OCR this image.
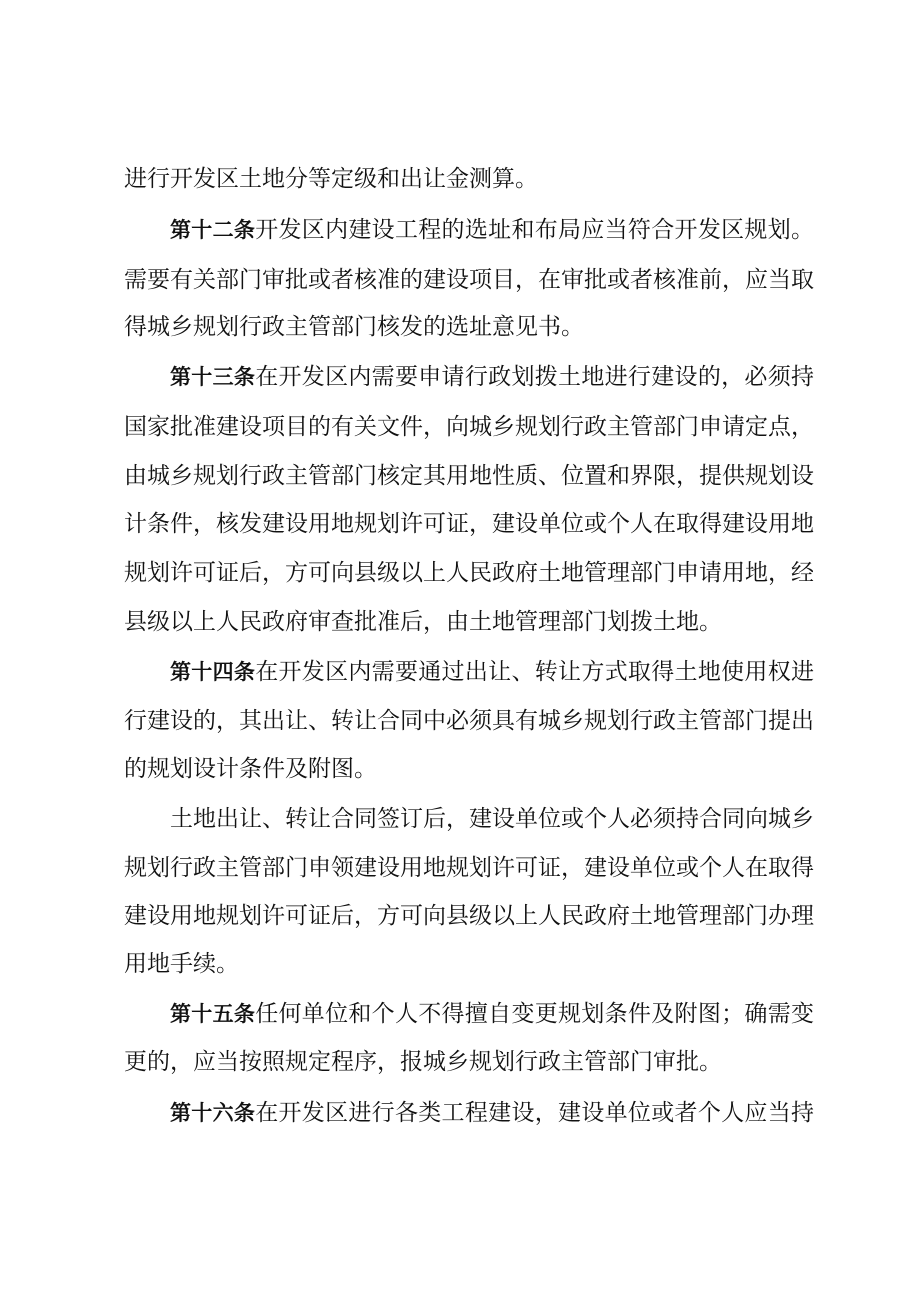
进行开发区土地分等定级和出让金测算。
第十二条开发区内建设工程的选址和布局应当符合开发区规划。
需要有关部门审批或者核准的建设项目，在审批或者核准前，应当取
得城乡规划行政主管部门核发的选址意见书。
第十三条在开发区内需要申请行政划拨土地进行建设的，必须持
国家批准建设项目的有关文件，向城乡规划行政主管部门申请定点，
由城乡规划行政主管部门核定其用地性质、位置和界限，提供规划设
计条件，核发建设用地规划许可证，建设单位或个人在取得建设用地
规划许可证后，方可向县级以上人民政府土地管理部门申请用地，经
县级以上人民政府审查批准后，由土地管理部门划拨土地。
第十四条在开发区内需要通过出让、转让方式取得土地使用权进
行建设的，其出让、转让合同中必须具有城乡规划行政主管部门提出
的规划设计条件及附图。
土地出让、转让合同签订后，建设单位或个人必须持合同向城乡
规划行政主管部门申领建设用地规划许可证，建设单位或个人在取得
建设用地规划许可证后，方可向县级以上人民政府土地管理部门办理
用地手续。
第十五条任何单位和个人不得擅自变更规划条件及附图；确需变
更的，应当按照规定程序，报城乡规划行政主管部门审批。
第十六条在开发区进行各类工程建设，建设单位或者个人应当持
